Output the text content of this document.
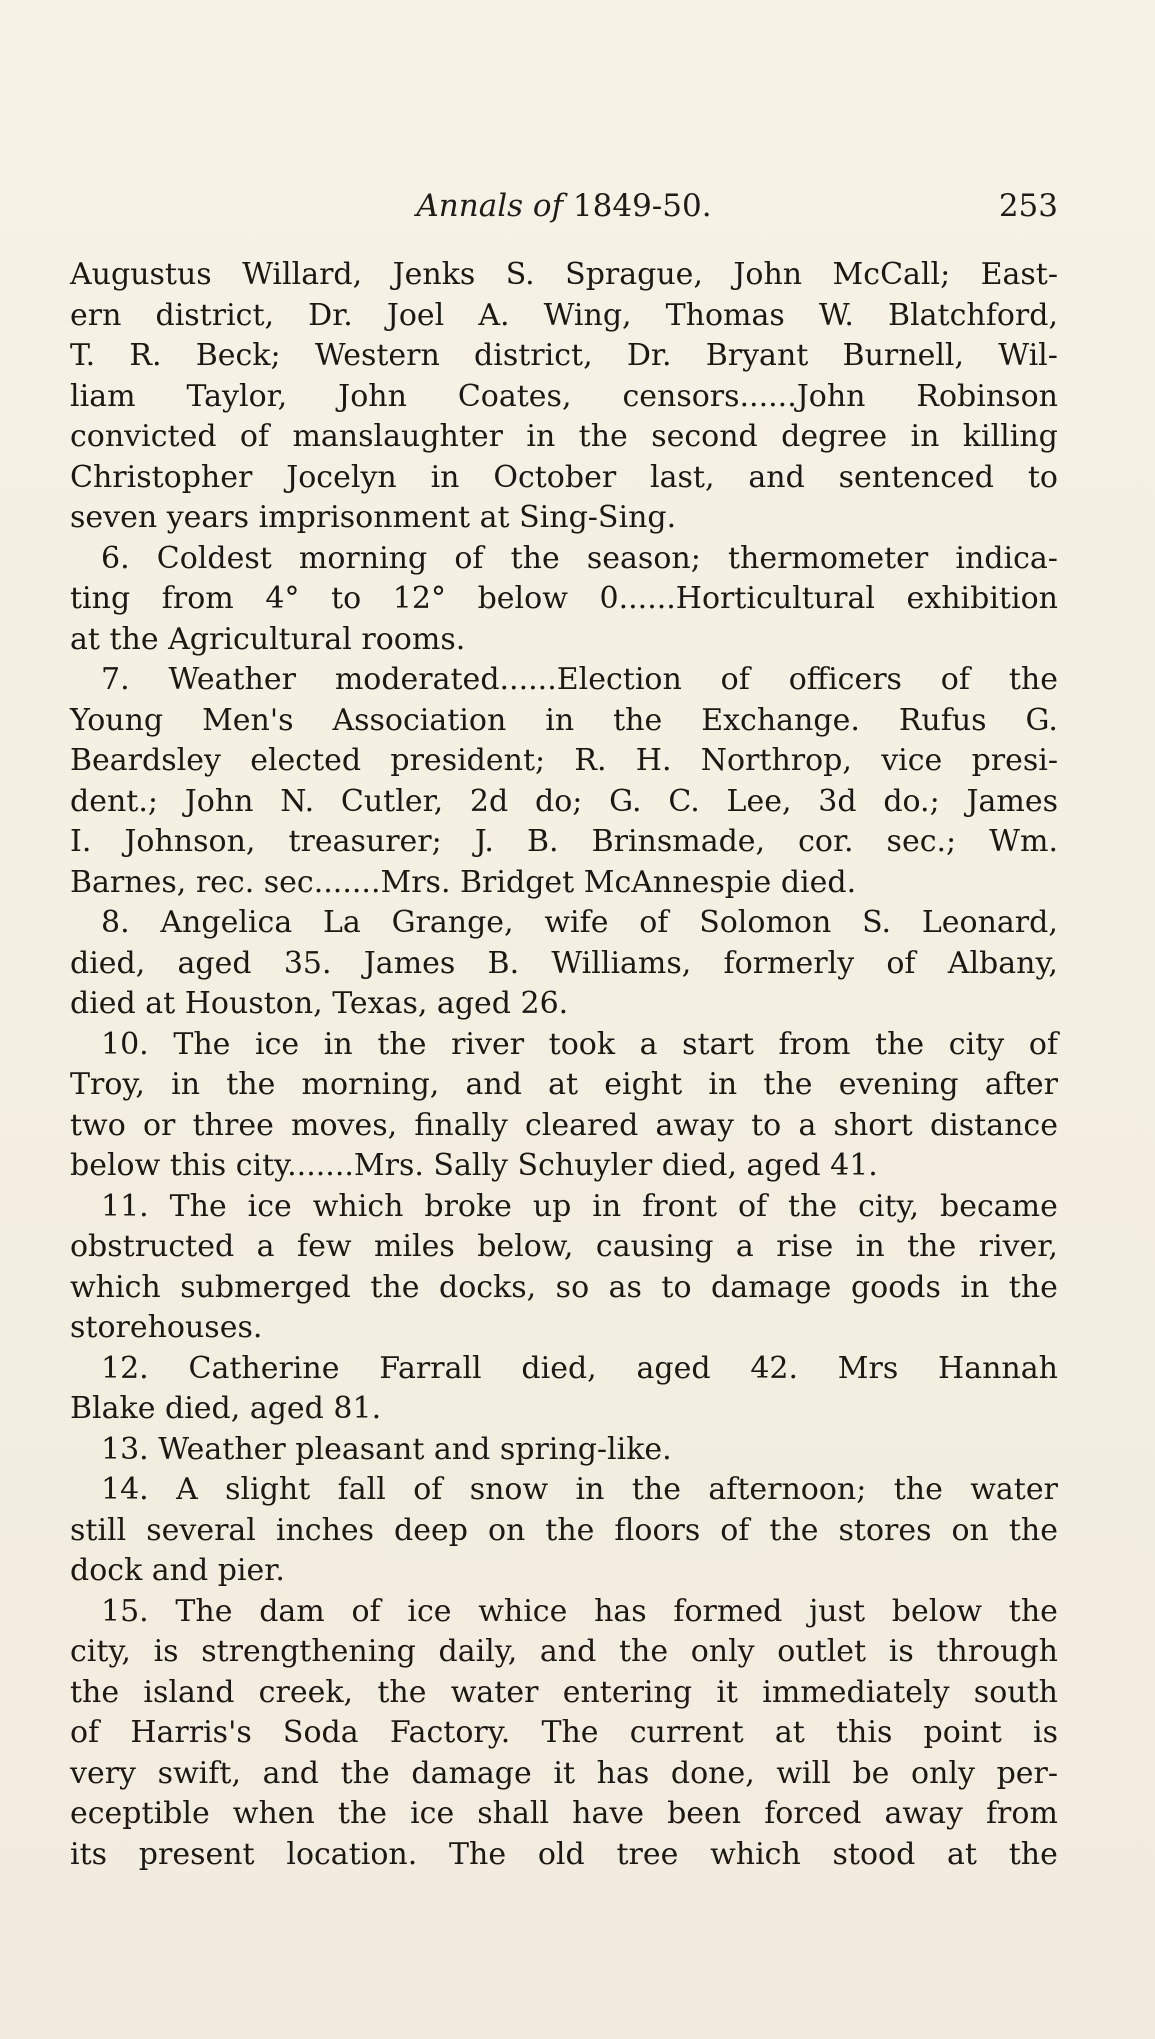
Annals of 1849-50.	253
Augustus Willard, Jenks S. Sprague, John McCall; East-
ern district, Dr. Joel A. Wing, Thomas W. Blatchford,
T. R. Beck; Western district, Dr. Bryant Burnell, Wil-
liam Taylor, John Coates, censors......John Robinson
convicted of manslaughter in the second degree in killing
Christopher Jocelyn in October last, and sentenced to
seven years imprisonment at Sing-Sing.
6. Coldest morning of the season; thermometer indica-
ting from 4° to 12° below 0......Horticultural exhibition
at the Agricultural rooms.
7. Weather moderated......Election of officers of the
Young Men's Association in the Exchange. Rufus G.
Beardsley elected president; R. H. Northrop, vice presi-
dent.; John N. Cutler, 2d do; G. C. Lee, 3d do.; James
I. Johnson, treasurer; J. B. Brinsmade, cor. sec.; Wm.
Barnes, rec. sec.......Mrs. Bridget McAnnespie died.
8. Angelica La Grange, wife of Solomon S. Leonard,
died, aged 35. James B. Williams, formerly of Albany,
died at Houston, Texas, aged 26.
10. The ice in the river took a start from the city of
Troy, in the morning, and at eight in the evening after
two or three moves, finally cleared away to a short distance
below this city.......Mrs. Sally Schuyler died, aged 41.
11. The ice which broke up in front of the city, became
obstructed a few miles below, causing a rise in the river,
which submerged the docks, so as to damage goods in the
storehouses.
12. Catherine Farrall died, aged 42. Mrs Hannah
Blake died, aged 81.
13. Weather pleasant and spring-like.
14. A slight fall of snow in the afternoon; the water
still several inches deep on the floors of the stores on the
dock and pier.
15. The dam of ice whice has formed just below the
city, is strengthening daily, and the only outlet is through
the island creek, the water entering it immediately south
of Harris's Soda Factory. The current at this point is
very swift, and the damage it has done, will be only per-
eceptible when the ice shall have been forced away from
its present location. The old tree which stood at the
